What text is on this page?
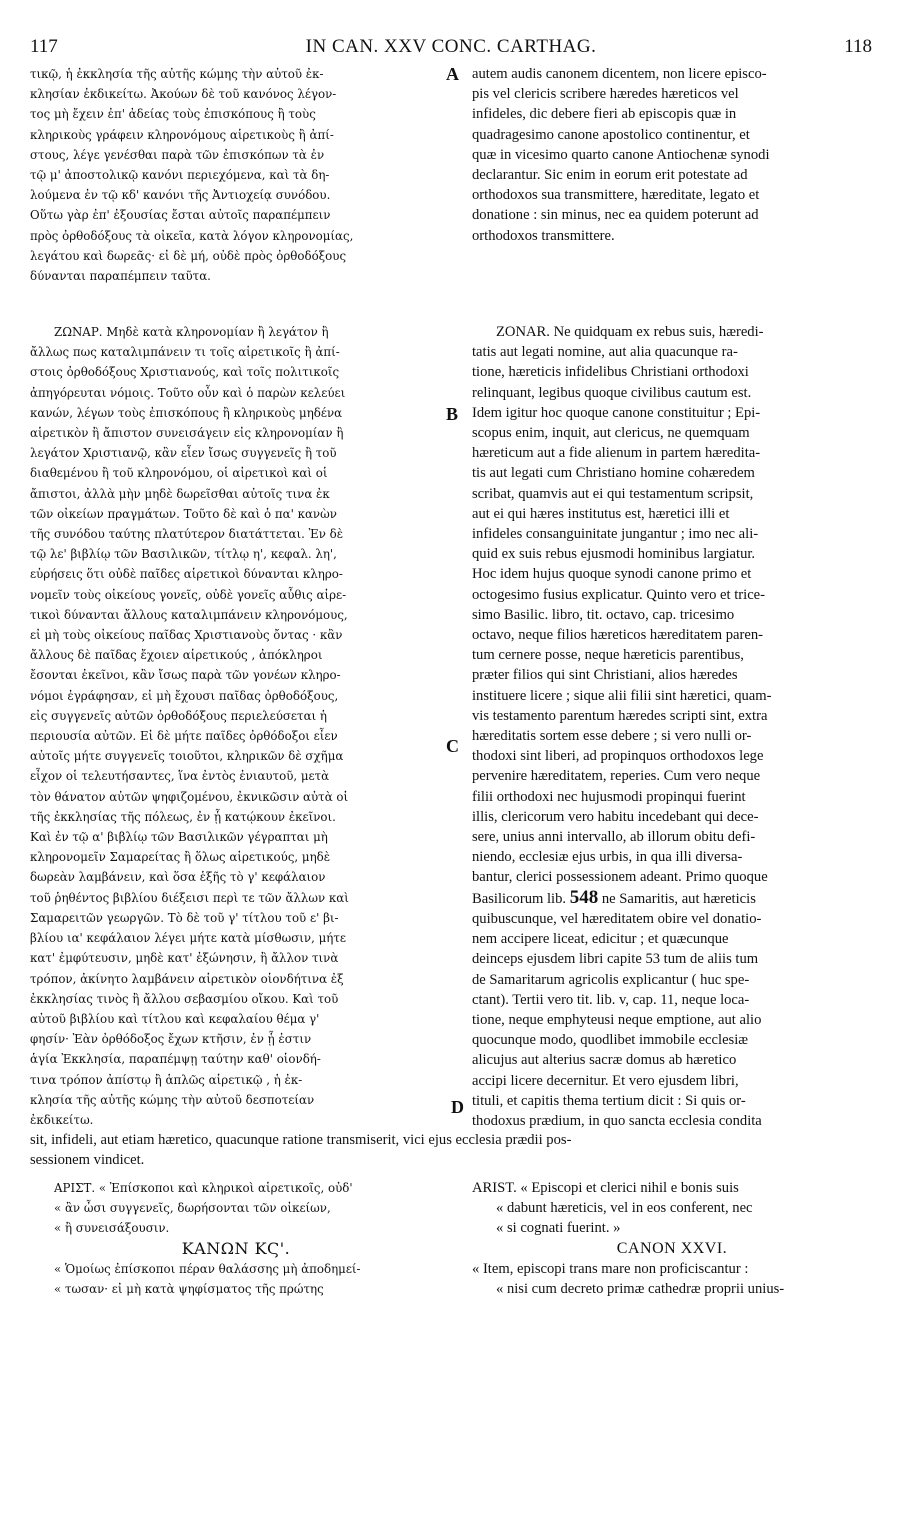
117	IN CAN. XXV CONC. CARTHAG.	118
τικῷ, ἡ ἐκκλησία τῆς αὐτῆς κώμης τὴν αὐτοῦ ἐκ-
κλησίαν ἐκδικείτω. Ἀκούων δὲ τοῦ κανόνος λέγον-
τος μὴ ἔχειν ἐπ' ἀδείας τοὺς ἐπισκόπους ἢ τοὺς
κληρικοὺς γράφειν κληρονόμους αἱρετικοὺς ἢ ἀπί-
στους, λέγε γενέσθαι παρὰ τῶν ἐπισκόπων τὰ ἐν
τῷ μ' ἀποστολικῷ κανόνι περιεχόμενα, καὶ τὰ δη-
λούμενα ἐν τῷ κδ' κανόνι τῆς Ἀντιοχείᾳ συνόδου.
Οὕτω γὰρ ἐπ' ἐξουσίας ἔσται αὐτοῖς παραπέμπειν
πρὸς ὀρθοδόξους τὰ οἰκεῖα, κατὰ λόγον κληρονομίας,
λεγάτου καὶ δωρεᾶς· εἰ δὲ μή, οὐδὲ πρὸς ὀρθοδόξους
δύνανται παραπέμπειν ταῦτα.
ΖΩΝΑΡ. Μηδὲ κατὰ κληρονομίαν ἢ λεγάτον ἢ
ἄλλως πως καταλιμπάνειν τι τοῖς αἱρετικοῖς ἢ ἀπί-
στοις ὀρθοδόξους Χριστιανούς, καὶ τοῖς πολιτικοῖς
ἀπηγόρευται νόμοις. Τοῦτο οὖν καὶ ὁ παρὼν κελεύει
κανών, λέγων τοὺς ἐπισκόπους ἢ κληρικοὺς μηδένα
αἱρετικὸν ἢ ἄπιστον συνεισάγειν εἰς κληρονομίαν ἢ
λεγάτον Χριστιανῷ, κἂν εἶεν ἴσως συγγενεῖς ἢ τοῦ
διαθεμένου ἢ τοῦ κληρονόμου, οἱ αἱρετικοὶ καὶ οἱ
ἄπιστοι, ἀλλὰ μὴν μηδὲ δωρεῖσθαι αὐτοῖς τινα ἐκ
τῶν οἰκείων πραγμάτων. Τοῦτο δὲ καὶ ὁ πα' κανὼν
τῆς συνόδου ταύτης πλατύτερον διατάττεται. Ἐν δὲ
τῷ λε' βιβλίῳ τῶν Βασιλικῶν, τίτλῳ η', κεφαλ. λη',
εὑρήσεις ὅτι οὐδὲ παῖδες αἱρετικοὶ δύνανται κληρο-
νομεῖν τοὺς οἰκείους γονεῖς, οὐδὲ γονεῖς αὖθις αἱρε-
τικοὶ δύνανται ἄλλους καταλιμπάνειν κληρονόμους,
εἰ μὴ τοὺς οἰκείους παῖδας Χριστιανοὺς ὄντας · κἂν
ἄλλους δὲ παῖδας ἔχοιεν αἱρετικούς , ἀπόκληροι
ἔσονται ἐκεῖνοι, κἂν ἴσως παρὰ τῶν γονέων κληρο-
νόμοι ἐγράφησαν, εἰ μὴ ἔχουσι παῖδας ὀρθοδόξους,
εἰς συγγενεῖς αὐτῶν ὀρθοδόξους περιελεύσεται ἡ
περιουσία αὐτῶν. Εἰ δὲ μήτε παῖδες ὀρθόδοξοι εἶεν
αὐτοῖς μήτε συγγενεῖς τοιοῦτοι, κληρικῶν δὲ σχῆμα
εἶχον οἱ τελευτήσαντες, ἵνα ἐντὸς ἐνιαυτοῦ, μετὰ
τὸν θάνατον αὐτῶν ψηφιζομένου, ἐκνικῶσιν αὐτὰ οἱ
τῆς ἐκκλησίας τῆς πόλεως, ἐν ᾗ κατῴκουν ἐκεῖνοι.
Καὶ ἐν τῷ α' βιβλίῳ τῶν Βασιλικῶν γέγραπται μὴ
κληρονομεῖν Σαμαρείτας ἢ ὅλως αἱρετικούς, μηδὲ
δωρεὰν λαμβάνειν, καὶ ὅσα ἑξῆς τὸ γ' κεφάλαιον
τοῦ ῥηθέντος βιβλίου διέξεισι περὶ τε τῶν ἄλλων καὶ
Σαμαρειτῶν γεωργῶν. Τὸ δὲ τοῦ γ' τίτλου τοῦ ε' βι-
βλίου ια' κεφάλαιον λέγει μήτε κατὰ μίσθωσιν, μήτε
κατ' ἐμφύτευσιν, μηδὲ κατ' ἐξώνησιν, ἢ ἄλλον τινὰ
τρόπον, ἀκίνητο λαμβάνειν αἱρετικὸν οἱονδήτινα ἐξ
ἐκκλησίας τινὸς ἢ ἄλλου σεβασμίου οἴκου. Καὶ τοῦ
αὐτοῦ βιβλίου καὶ τίτλου καὶ κεφαλαίου θέμα γ'
φησίν· Ἐὰν ὀρθόδοξος ἔχων κτῆσιν, ἐν ᾗ ἐστιν
ἁγία Ἐκκλησία, παραπέμψῃ ταύτην καθ' οἱονδή-
τινα τρόπον ἀπίστῳ ἢ ἁπλῶς αἱρετικῷ , ἡ ἐκ-
κλησία τῆς αὐτῆς κώμης τὴν αὐτοῦ δεσποτείαν
ἐκδικείτω.
A
B
C
D
autem audis canonem dicentem, non licere episco-
pis vel clericis scribere hæredes hæreticos vel
infideles, dic debere fieri ab episcopis quæ in
quadragesimo canone apostolico continentur, et
quæ in vicesimo quarto canone Antiochenæ synodi
declarantur. Sic enim in eorum erit potestate ad
orthodoxos sua transmittere, hæreditate, legato et
donatione : sin minus, nec ea quidem poterunt ad
orthodoxos transmittere.
ZONAR. Ne quidquam ex rebus suis, hæredi-
tatis aut legati nomine, aut alia quacunque ra-
tione, hæreticis infidelibus Christiani orthodoxi
relinquant, legibus quoque civilibus cautum est.
Idem igitur hoc quoque canone constituitur ; Epi-
scopus enim, inquit, aut clericus, ne quemquam
hæreticum aut a fide alienum in partem hæredita-
tis aut legati cum Christiano homine cohæredem
scribat, quamvis aut ei qui testamentum scripsit,
aut ei qui hæres institutus est, hæretici illi et
infideles consanguinitate jungantur ; imo nec ali-
quid ex suis rebus ejusmodi hominibus largiatur.
Hoc idem hujus quoque synodi canone primo et
octogesimo fusius explicatur. Quinto vero et trice-
simo Basilic. libro, tit. octavo, cap. tricesimo
octavo, neque filios hæreticos hæreditatem paren-
tum cernere posse, neque hæreticis parentibus,
præter filios qui sint Christiani, alios hæredes
instituere licere ; sique alii filii sint hæretici, quam-
vis testamento parentum hæredes scripti sint, extra
hæreditatis sortem esse debere ; si vero nulli or-
thodoxi sint liberi, ad propinquos orthodoxos lege
pervenire hæreditatem, reperies. Cum vero neque
filii orthodoxi nec hujusmodi propinqui fuerint
illis, clericorum vero habitu incedebant qui dece-
sere, unius anni intervallo, ab illorum obitu defi-
niendo, ecclesiæ ejus urbis, in qua illi diversa-
bantur, clerici possessionem adeant. Primo quoque
Basilicorum lib. 548 ne Samaritis, aut hæreticis
quibuscunque, vel hæreditatem obire vel donatio-
nem accipere liceat, edicitur ; et quæcunque
deinceps ejusdem libri capite 53 tum de aliis tum
de Samaritarum agricolis explicantur ( huc spe-
ctant). Tertii vero tit. lib. v, cap. 11, neque loca-
tione, neque emphyteusi neque emptione, aut alio
quocunque modo, quodlibet immobile ecclesiæ
alicujus aut alterius sacræ domus ab hæretico
accipi licere decernitur. Et vero ejusdem libri,
tituli, et capitis thema tertium dicit : Si quis or-
thodoxus prædium, in quo sancta ecclesia condita
sit, infideli, aut etiam hæretico, quacunque ratione transmiserit, vici ejus ecclesia prædii pos-
sessionem vindicet.
ΑΡΙΣΤ. « Ἐπίσκοποι καὶ κληρικοὶ αἱρετικοῖς, οὐδ'
« ἂν ὦσι συγγενεῖς, δωρήσονται τῶν οἰκείων,
« ἢ συνεισάξουσιν.
ΚΑΝΩΝ ΚϚ'.
« Ὁμοίως ἐπίσκοποι πέραν θαλάσσης μὴ ἀποδημεί-
« τωσαν· εἰ μὴ κατὰ ψηφίσματος τῆς πρώτης
ARIST. « Episcopi et clerici nihil e bonis suis
« dabunt hæreticis, vel in eos conferent, nec
« si cognati fuerint. »
CANON XXVI.
« Item, episcopi trans mare non proficiscantur :
« nisi cum decreto primæ cathedræ proprii unius-
